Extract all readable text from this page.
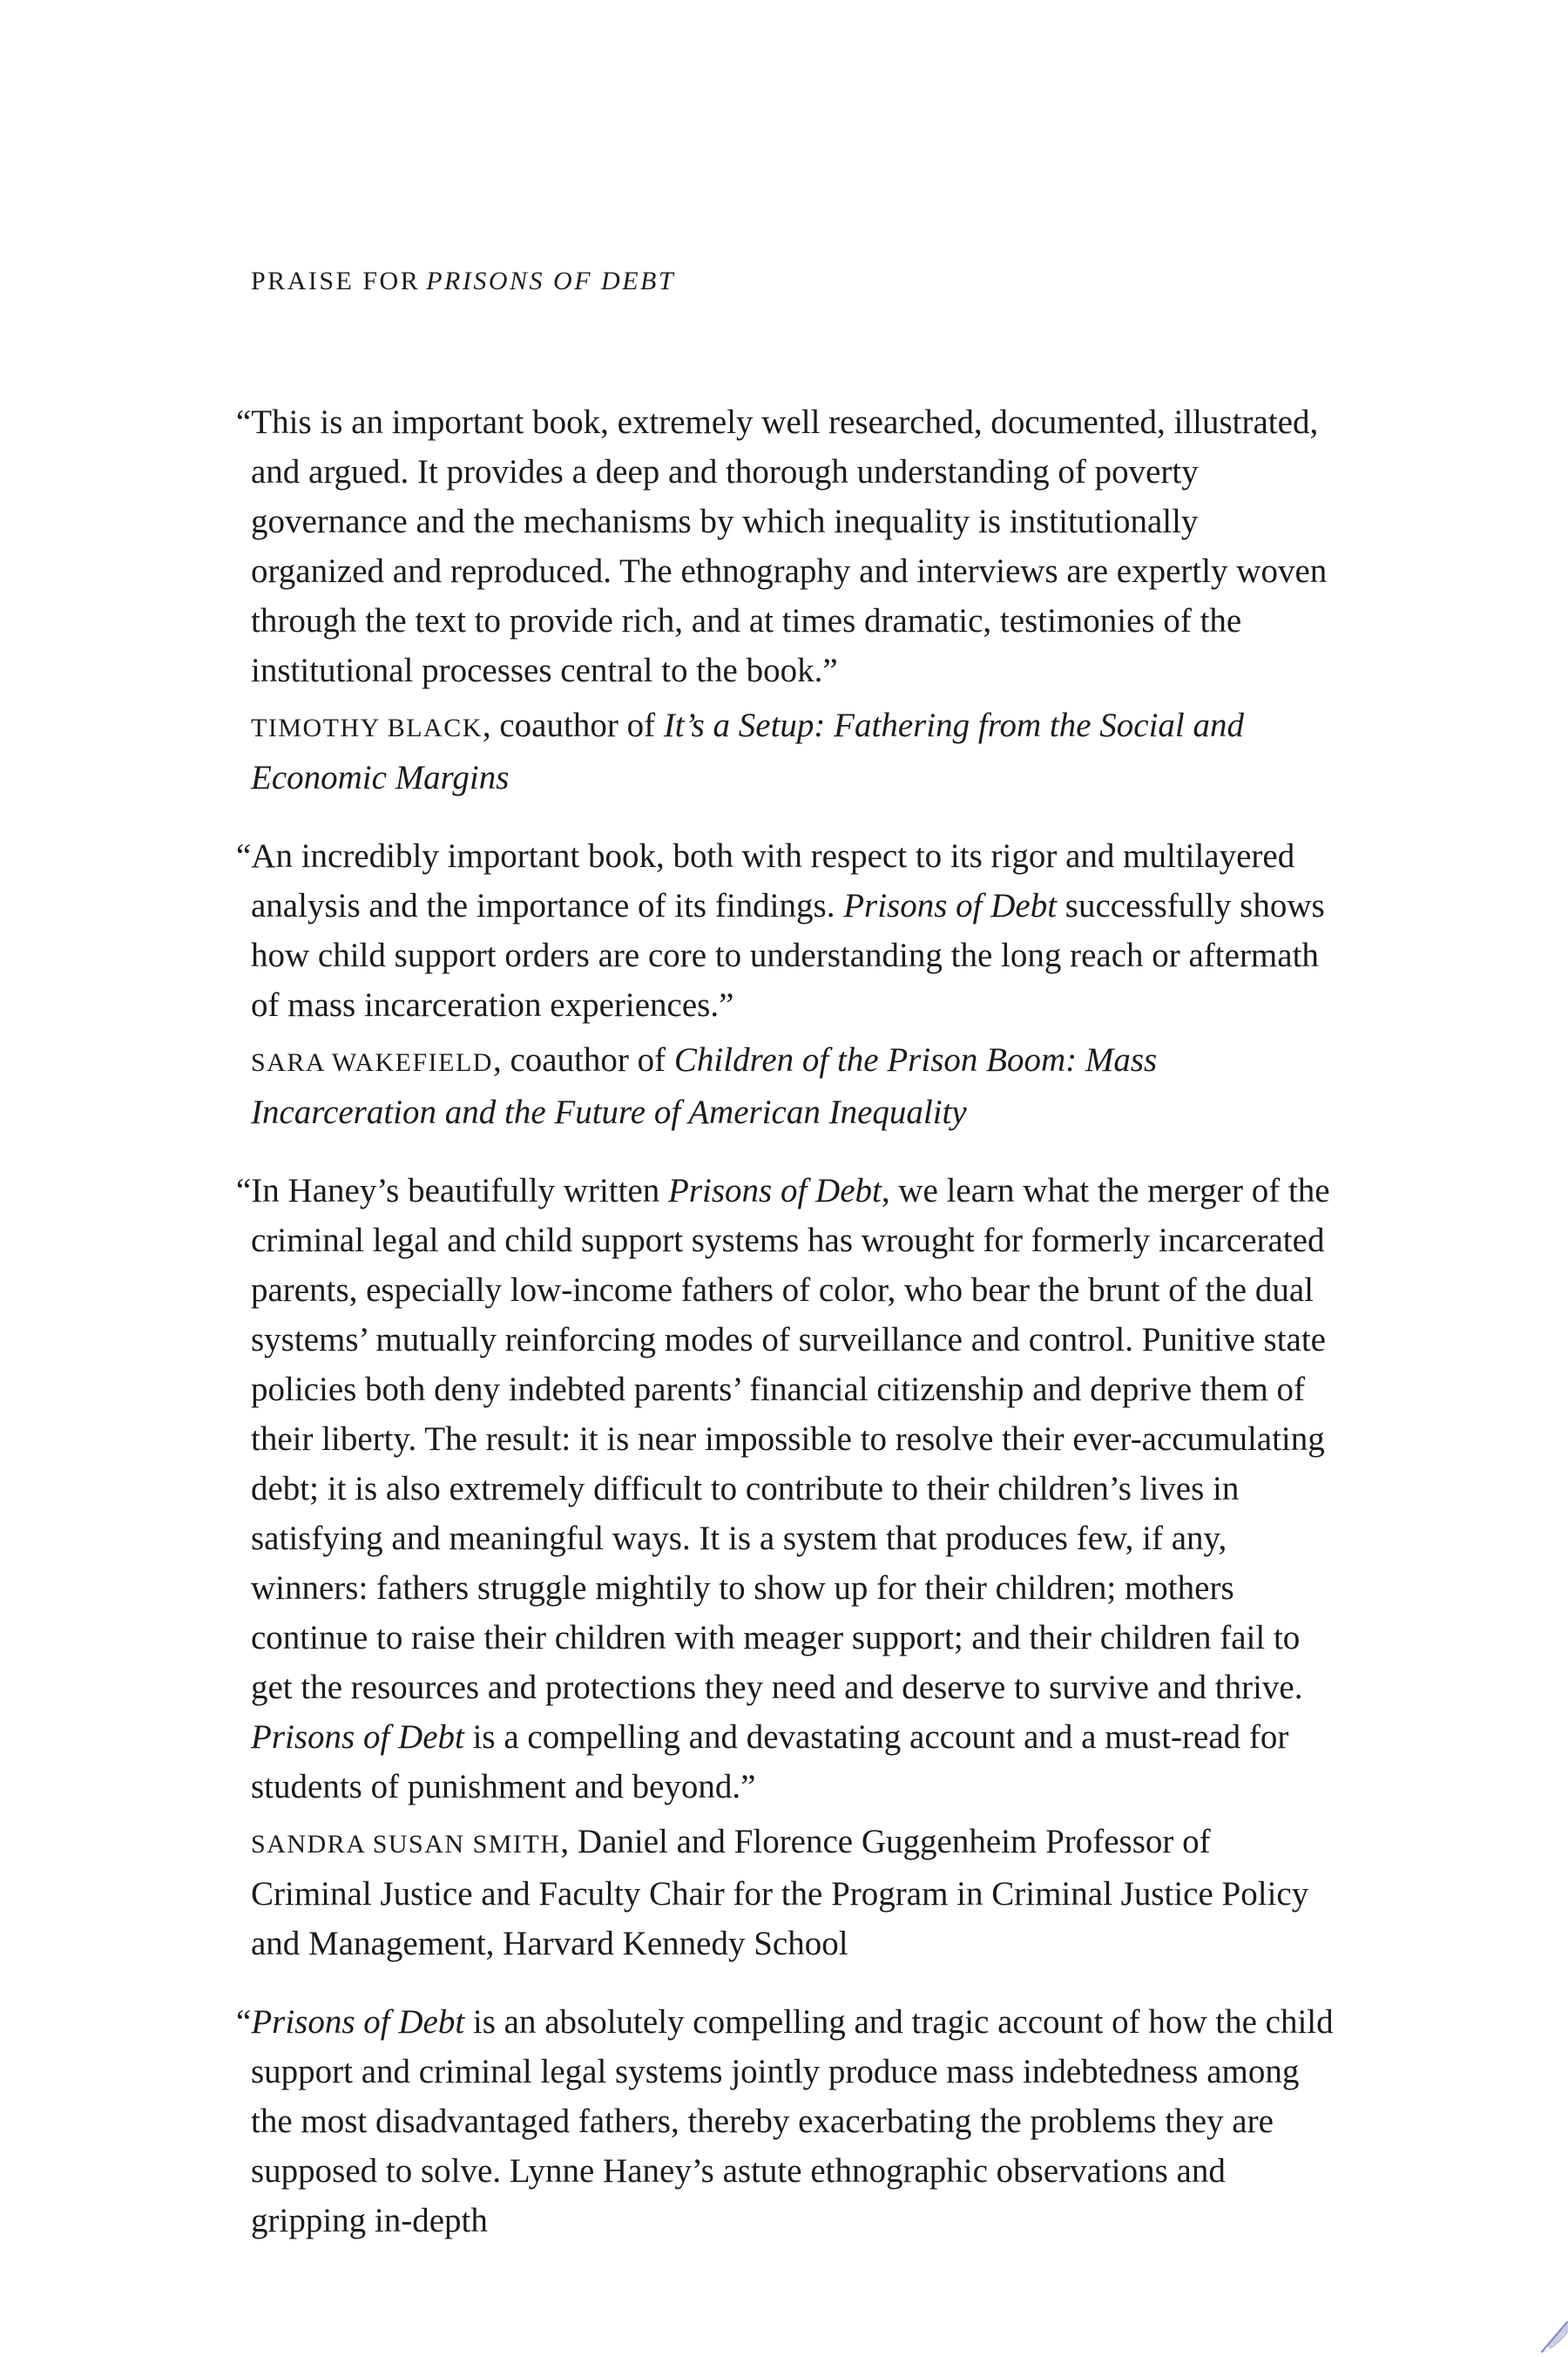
PRAISE FOR PRISONS OF DEBT
“This is an important book, extremely well researched, documented, illustrated, and argued. It provides a deep and thorough understanding of poverty governance and the mechanisms by which inequality is institutionally organized and reproduced. The ethnography and interviews are expertly woven through the text to provide rich, and at times dramatic, testimonies of the institutional processes central to the book.”
TIMOTHY BLACK, coauthor of It’s a Setup: Fathering from the Social and Economic Margins
“An incredibly important book, both with respect to its rigor and multilayered analysis and the importance of its findings. Prisons of Debt successfully shows how child support orders are core to understanding the long reach or aftermath of mass incarceration experiences.”
SARA WAKEFIELD, coauthor of Children of the Prison Boom: Mass Incarceration and the Future of American Inequality
“In Haney’s beautifully written Prisons of Debt, we learn what the merger of the criminal legal and child support systems has wrought for formerly incarcerated parents, especially low-income fathers of color, who bear the brunt of the dual systems’ mutually reinforcing modes of surveillance and control. Punitive state policies both deny indebted parents’ financial citizenship and deprive them of their liberty. The result: it is near impossible to resolve their ever-accumulating debt; it is also extremely difficult to contribute to their children’s lives in satisfying and meaningful ways. It is a system that produces few, if any, winners: fathers struggle mightily to show up for their children; mothers continue to raise their children with meager support; and their children fail to get the resources and protections they need and deserve to survive and thrive. Prisons of Debt is a compelling and devastating account and a must-read for students of punishment and beyond.”
SANDRA SUSAN SMITH, Daniel and Florence Guggenheim Professor of Criminal Justice and Faculty Chair for the Program in Criminal Justice Policy and Management, Harvard Kennedy School
“Prisons of Debt is an absolutely compelling and tragic account of how the child support and criminal legal systems jointly produce mass indebtedness among the most disadvantaged fathers, thereby exacerbating the problems they are supposed to solve. Lynne Haney’s astute ethnographic observations and gripping in-depth
